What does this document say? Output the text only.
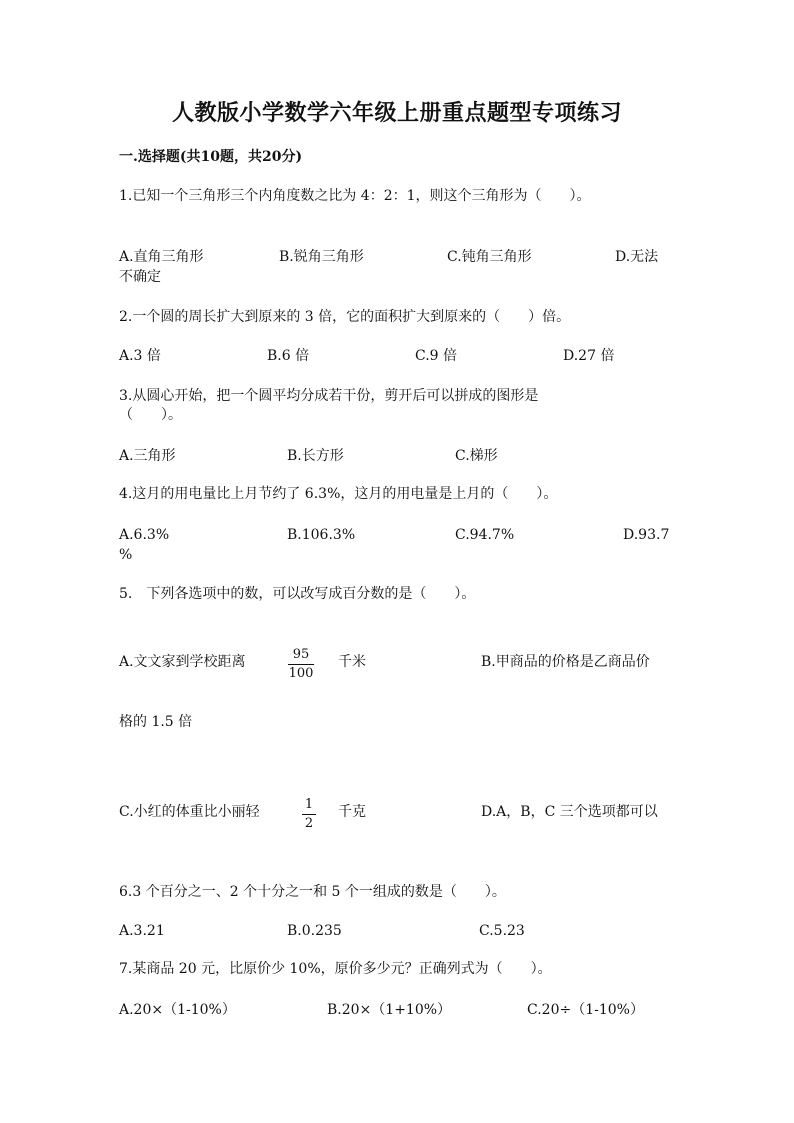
人教版小学数学六年级上册重点题型专项练习
一.选择题(共10题，共20分)
1.已知一个三角形三个内角度数之比为 4：2：1，则这个三角形为（　　）。
A.直角三角形	B.锐角三角形	C.钝角三角形	D.无法
不确定
2.一个圆的周长扩大到原来的 3 倍，它的面积扩大到原来的（　　）倍。
A.3 倍	B.6 倍	C.9 倍	D.27 倍
3.从圆心开始，把一个圆平均分成若干份，剪开后可以拼成的图形是
（　　）。
A.三角形	B.长方形	C.梯形
4.这月的用电量比上月节约了 6.3%，这月的用电量是上月的（　　）。
A.6.3%	B.106.3%	C.94.7%	D.93.7
%
5.　下列各选项中的数，可以改写成百分数的是（　　）。
A.文文家到学校距离	95
100
千米	B.甲商品的价格是乙商品价
格的 1.5 倍
C.小红的体重比小丽轻	1
2
千克	D.A，B，C 三个选项都可以
6.3 个百分之一、2 个十分之一和 5 个一组成的数是（　　）。
A.3.21	B.0.235	C.5.23
7.某商品 20 元，比原价少 10%，原价多少元？正确列式为（　　）。
A.20×（1-10%）	B.20×（1+10%）	C.20÷（1-10%）
